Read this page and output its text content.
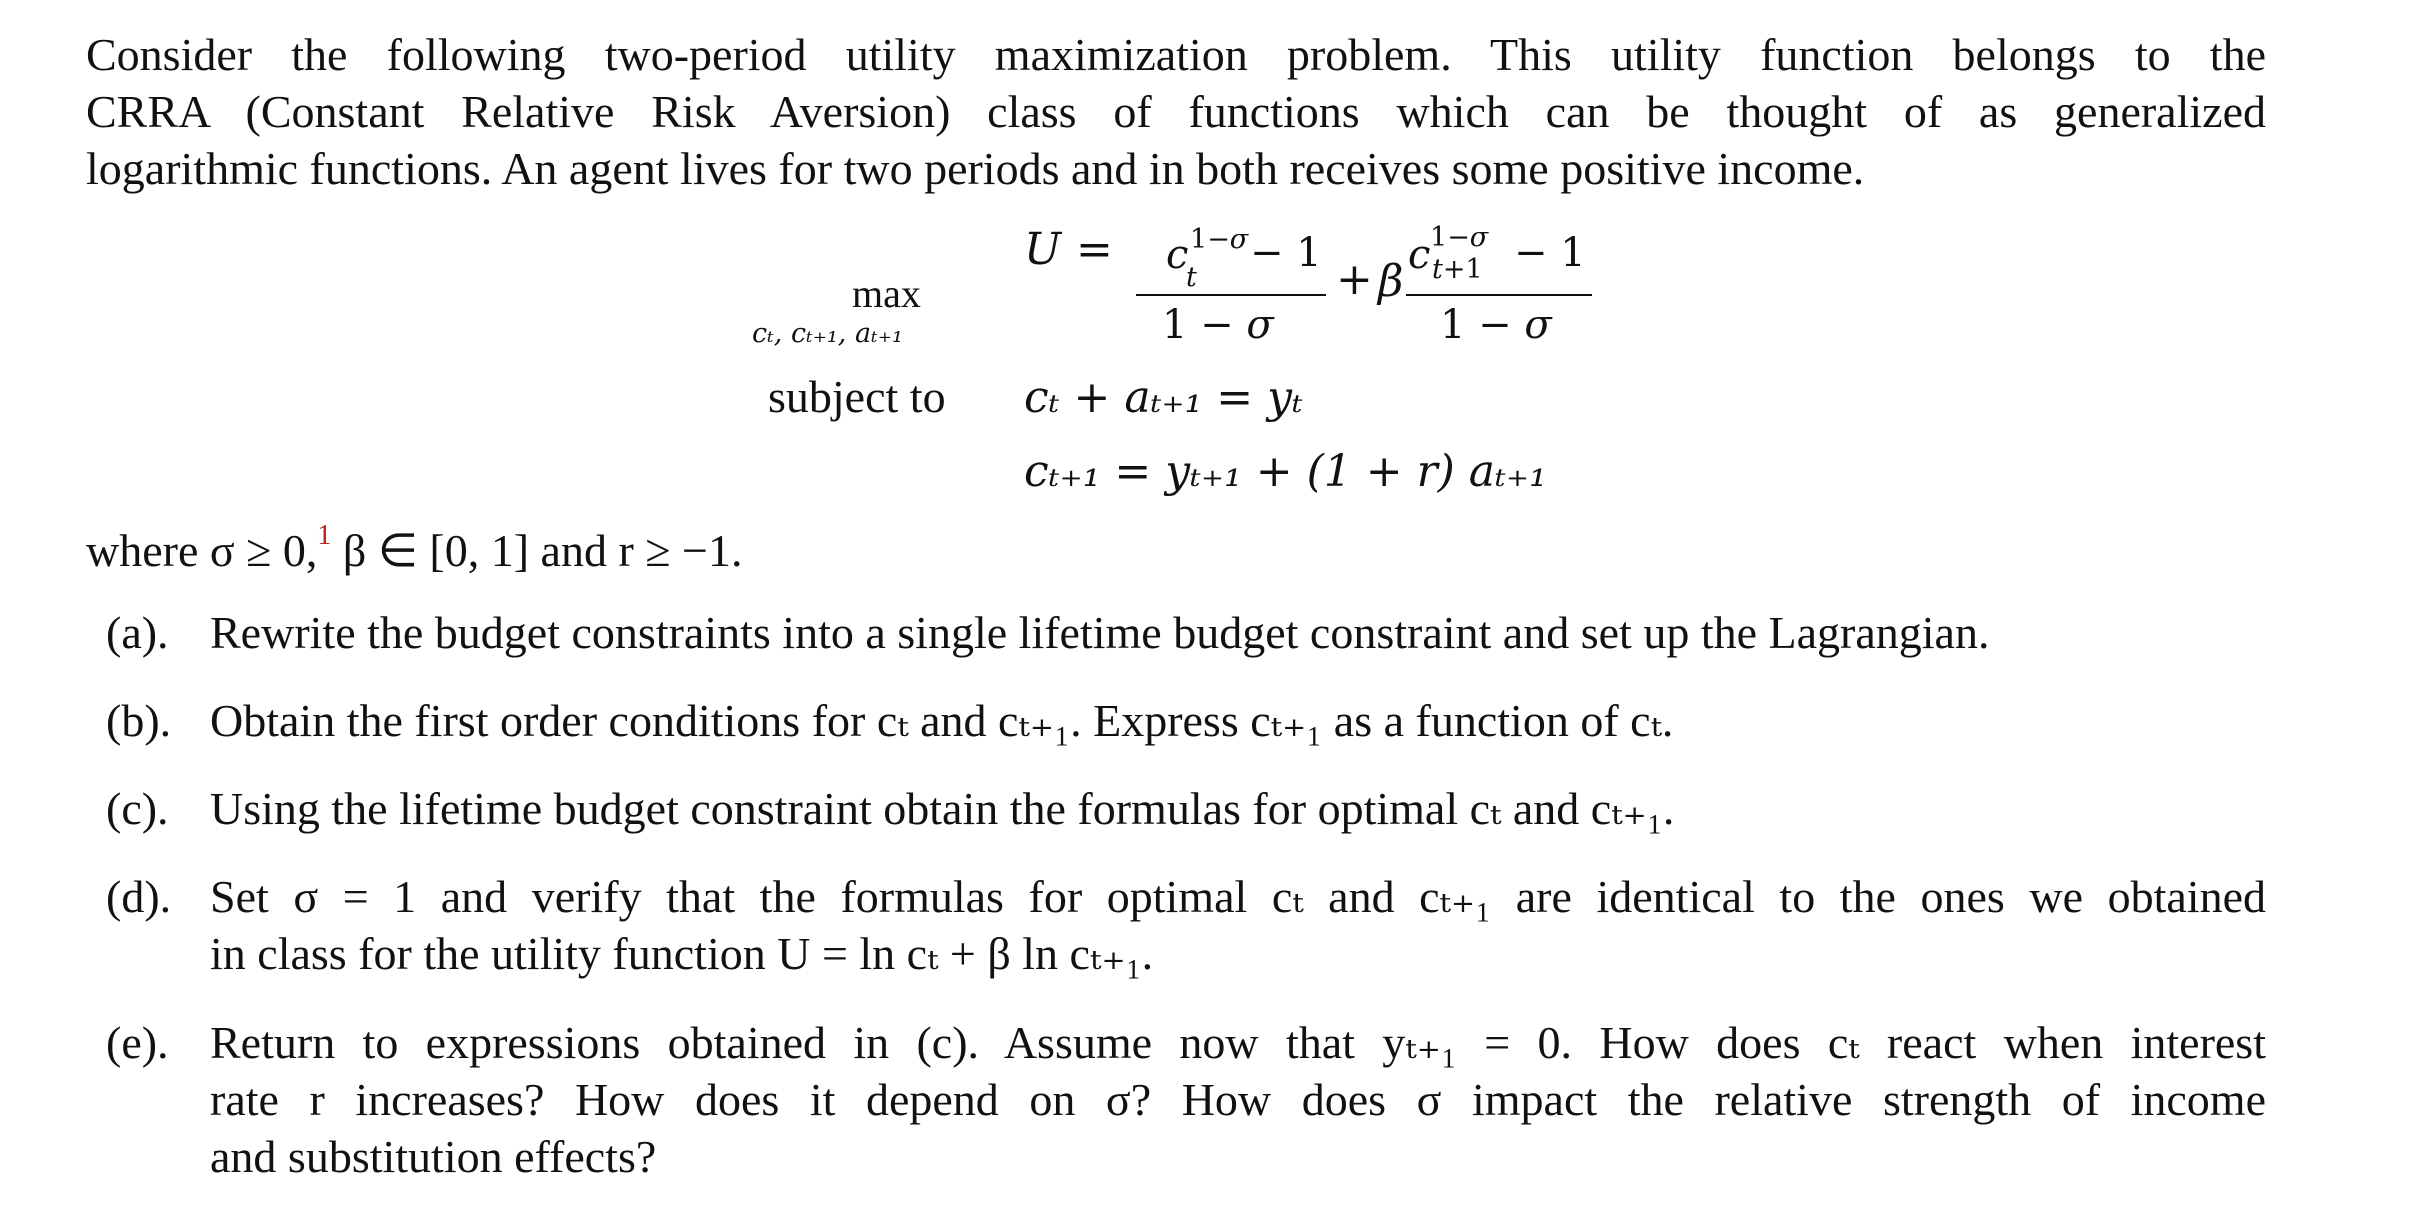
Consider the following two-period utility maximization problem. This utility function belongs to the
CRRA (Constant Relative Risk Aversion) class of functions which can be thought of as generalized
logarithmic functions. An agent lives for two periods and in both receives some positive income.
max
cₜ, cₜ₊₁, aₜ₊₁
U = c 1−σ
t
− 1
1 − σ
+ β
c 1−σ
t+1 − 1
1 − σ
subject to cₜ + aₜ₊₁ = yₜ
cₜ₊₁ = yₜ₊₁ + (1 + r) aₜ₊₁
where σ ≥ 0,$^1$ β ∈ [0, 1] and r ≥ −1.
(a). Rewrite the budget constraints into a single lifetime budget constraint and set up the Lagrangian.
(b). Obtain the first order conditions for cₜ and cₜ₊₁. Express cₜ₊₁ as a function of cₜ.
(c). Using the lifetime budget constraint obtain the formulas for optimal cₜ and cₜ₊₁.
(d). Set σ = 1 and verify that the formulas for optimal cₜ and cₜ₊₁ are identical to the ones we obtained
in class for the utility function U = ln cₜ + β ln cₜ₊₁.
(e). Return to expressions obtained in (c). Assume now that yₜ₊₁ = 0. How does cₜ react when interest
rate r increases? How does it depend on σ? How does σ impact the relative strength of income
and substitution effects?
